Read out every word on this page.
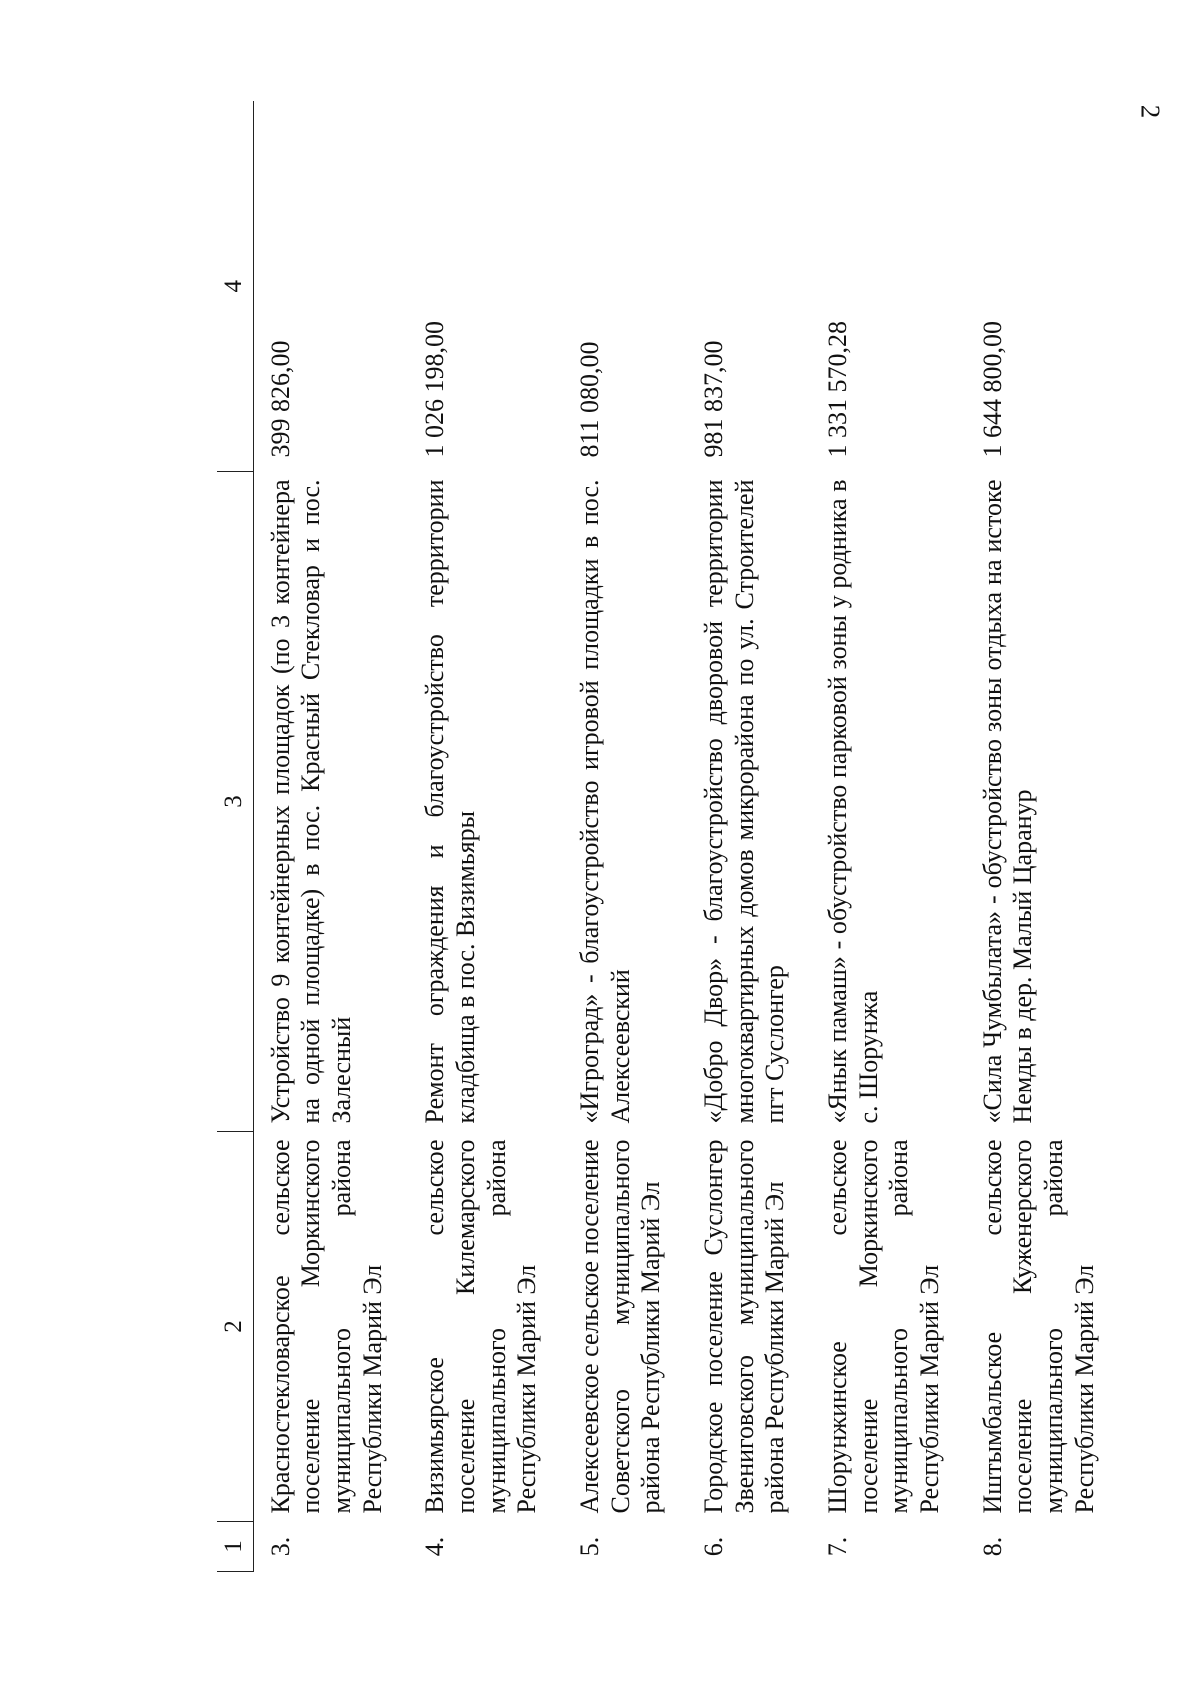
2
1	2	3	4
3.	Красностекловарское сельское поселение Моркинского муниципального района Республики Марий Эл	Устройство 9 контейнерных площадок (по 3 контейнера на одной площадке) в пос. Красный Стекловар и пос. Залесный	399 826,00
4.	Визимьярское сельское поселение Килемарского муниципального района Республики Марий Эл	Ремонт ограждения и благоустройство территории кладбища в пос. Визимьяры	1 026 198,00
5.	Алексеевское сельское поселение Советского муниципального района Республики Марий Эл	«Игроград» - благоустройство игровой площадки в пос. Алексеевский	811 080,00
6.	Городское поселение Суслонгер Звениговского муниципального района Республики Марий Эл	«Добро Двор» - благоустройство дворовой территории многоквартирных домов микрорайона по ул. Строителей пгт Суслонгер	981 837,00
7.	Шорунжинское сельское поселение Моркинского муниципального района Республики Марий Эл	«Янык памаш» - обустройство парковой зоны у родника в с. Шорунжа	1 331 570,28
8.	Иштымбальское сельское поселение Куженерского муниципального района Республики Марий Эл	«Сила Чумбылата» - обустройство зоны отдыха на истоке Немды в дер. Малый Царанур	1 644 800,00
